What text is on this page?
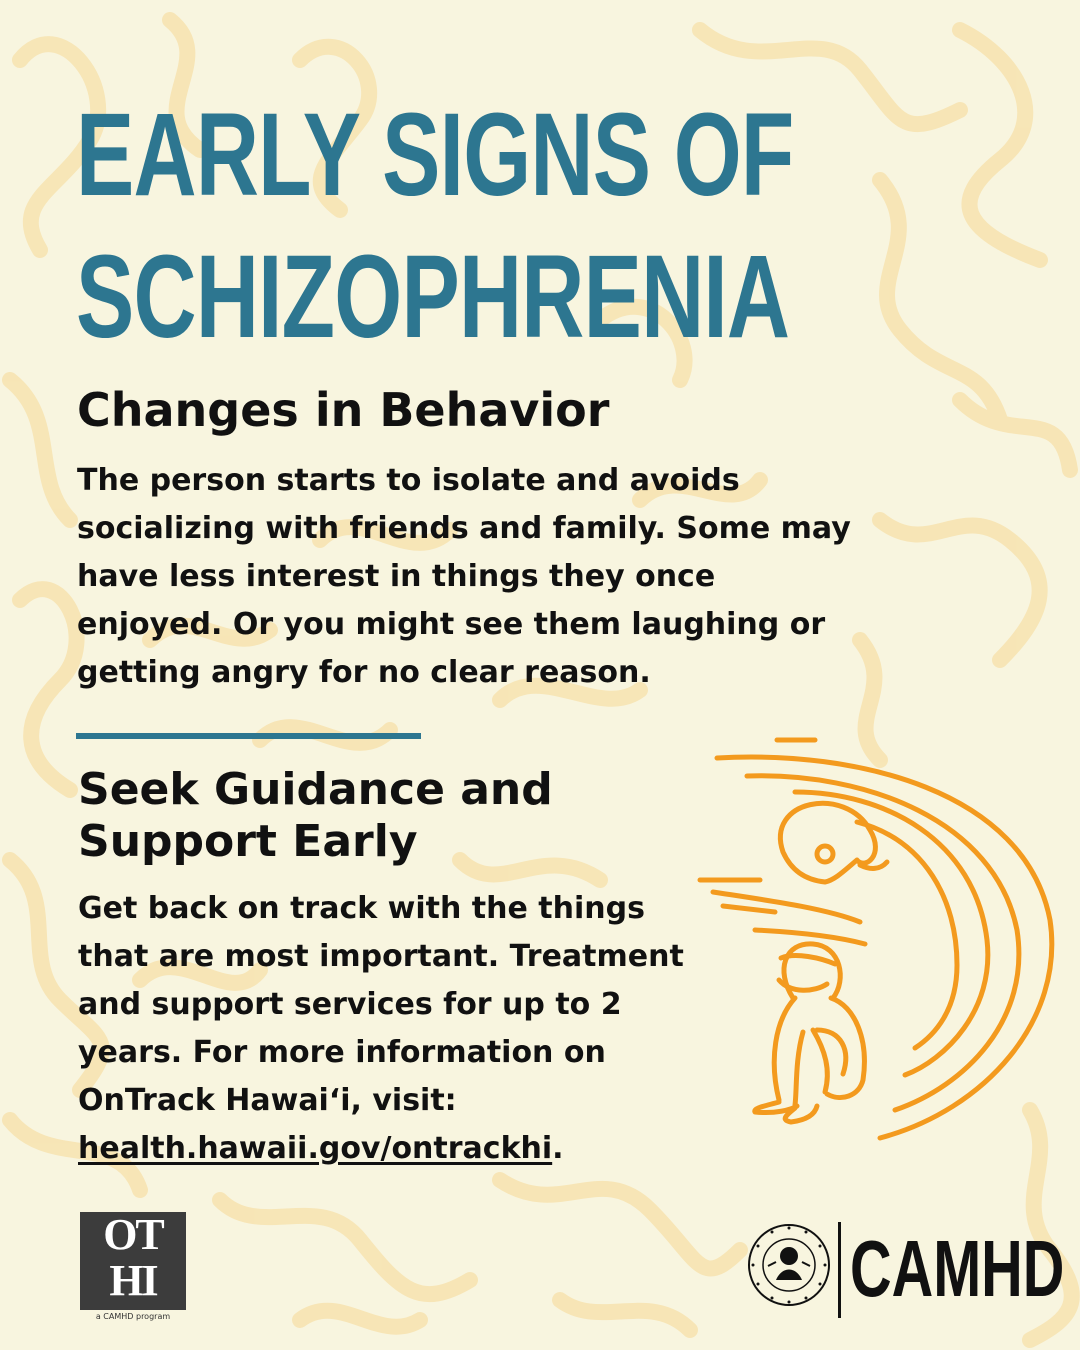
EARLY SIGNS OF
SCHIZOPHRENIA
Changes in Behavior

The person starts to isolate and avoids socializing with friends and family. Some may have less interest in things they once enjoyed. Or you might see them laughing or getting angry for no clear reason.

Seek Guidance and Support Early

Get back on track with the things that are most important. Treatment and support services for up to 2 years. For more information on OnTrack Hawai‘i, visit: health.hawaii.gov/ontrackhi.

OT
HI
a CAMHD program
CAMHD
